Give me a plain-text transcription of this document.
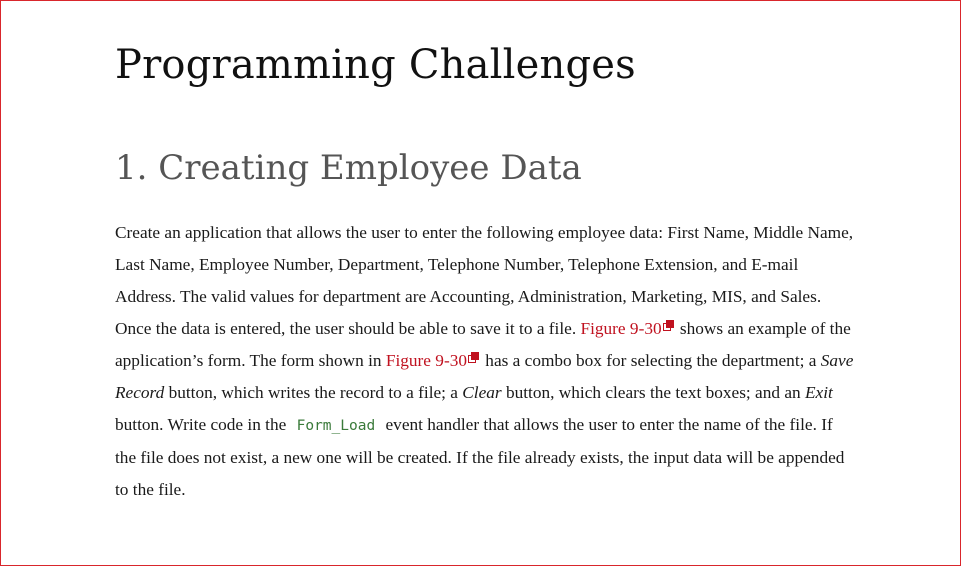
Programming Challenges
1. Creating Employee Data

Create an application that allows the user to enter the following employee data: First Name, Middle Name, Last Name, Employee Number, Department, Telephone Number, Telephone Extension, and E-mail Address. The valid values for department are Accounting, Administration, Marketing, MIS, and Sales. Once the data is entered, the user should be able to save it to a file. Figure 9-30 shows an example of the application’s form. The form shown in Figure 9-30 has a combo box for selecting the department; a Save Record button, which writes the record to a file; a Clear button, which clears the text boxes; and an Exit button. Write code in the Form_Load event handler that allows the user to enter the name of the file. If the file does not exist, a new one will be created. If the file already exists, the input data will be appended to the file.
